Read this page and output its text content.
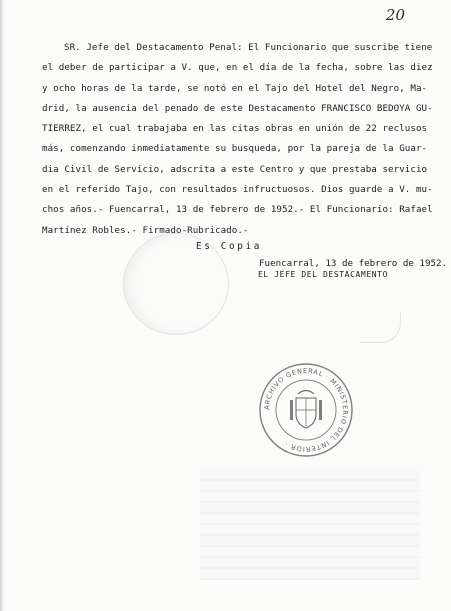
20
SR. Jefe del Destacamento Penal: El Funcionario que suscribe tiene
el deber de participar a V. que, en el día de la fecha, sobre las diez
y ocho horas de la tarde, se notó en el Tajo del Hotel del Negro, Ma-
drid, la ausencia del penado de este Destacamento FRANCISCO BEDOYA GU-
TIERREZ, el cual trabajaba en las citas obras en unión de 22 reclusos
más, comenzando inmediatamente su busqueda, por la pareja de la Guar-
dia Civil de Servicio, adscrita a este Centro y que prestaba servicio
en el referido Tajo, con resultados infructuosos. Dios guarde a V. mu-
chos años.- Fuencarral, 13 de febrero de 1952.- El Funcionario: Rafael
Martínez Robles.- Firmado-Rubricado.-
Es Copia
Fuencarral, 13 de febrero de 1952.
EL JEFE DEL DESTACAMENTO
ARCHIVO GENERAL · MINISTERIO DEL INTERIOR ·
